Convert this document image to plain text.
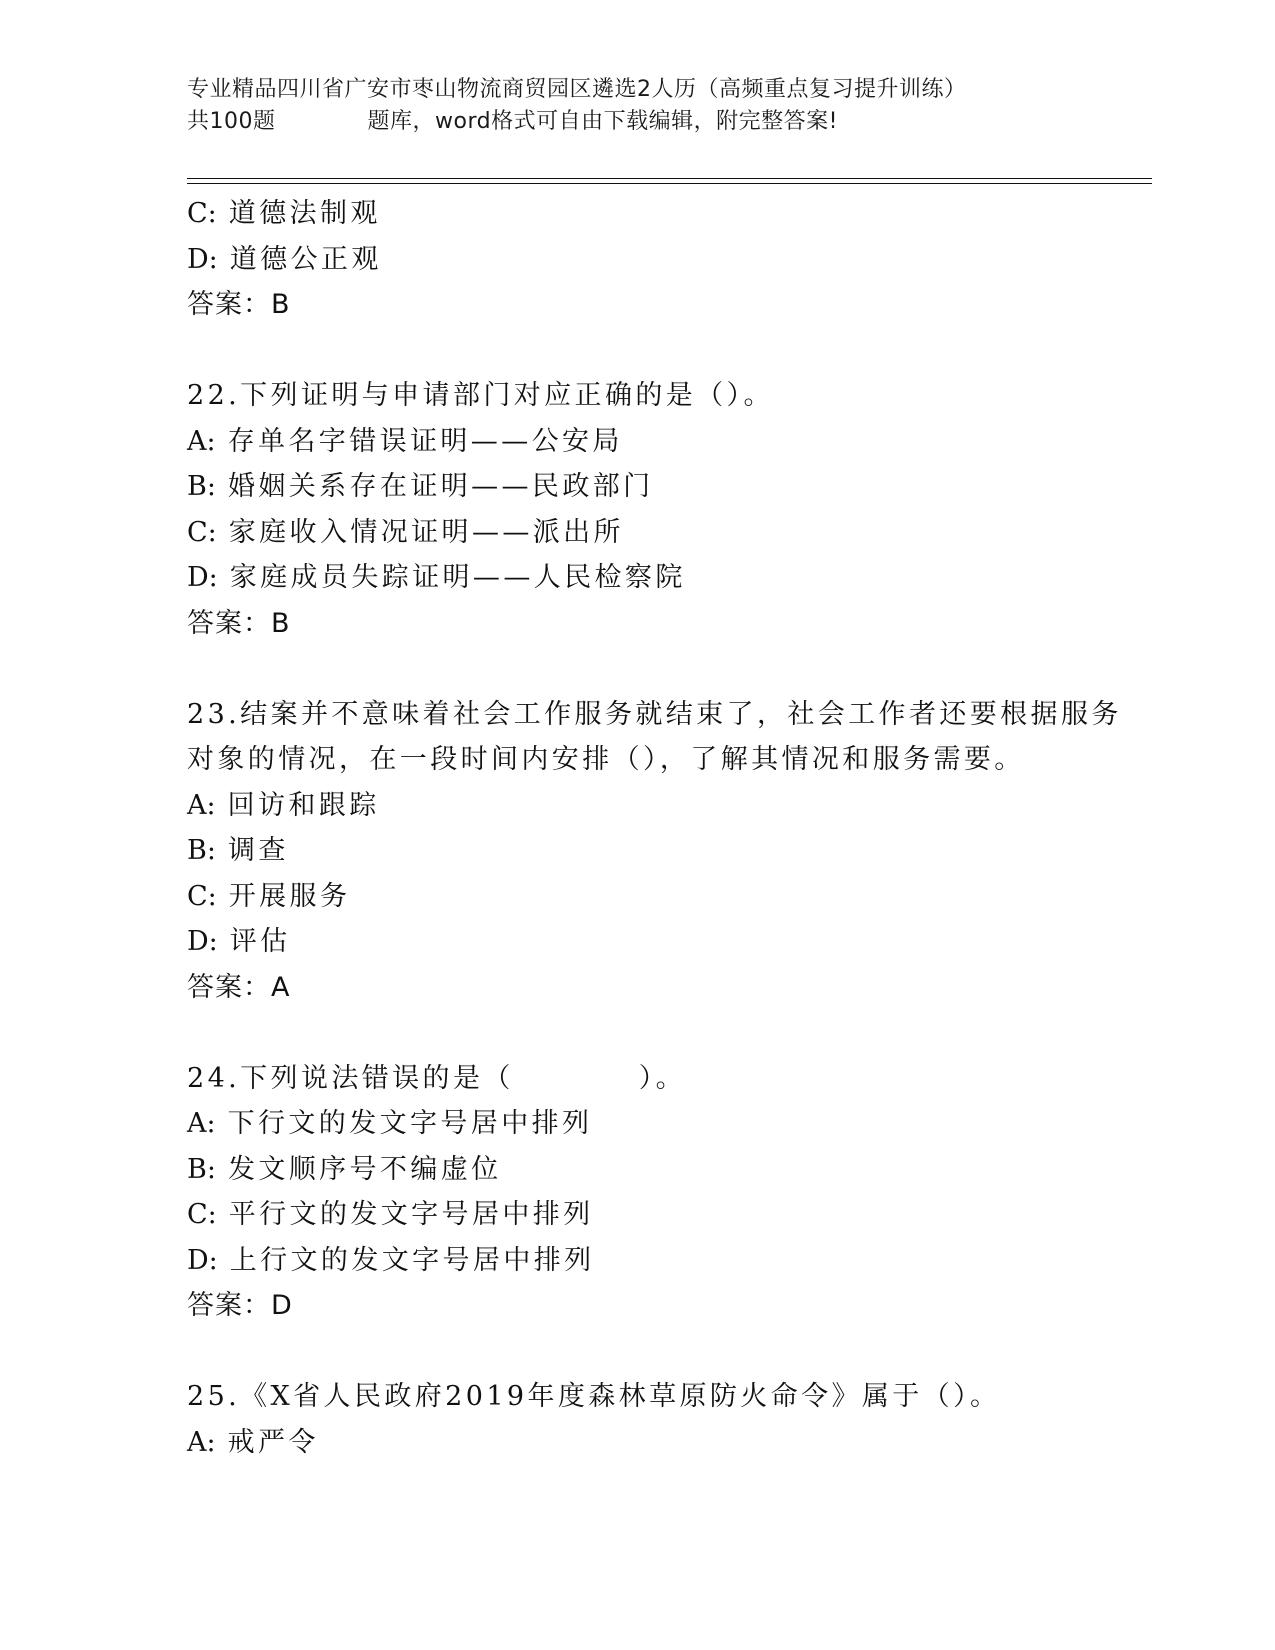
专业精品四川省广安市枣山物流商贸园区遴选2人历（高频重点复习提升训练）
共100题	题库，word格式可自由下载编辑，附完整答案!
C: 道德法制观
D: 道德公正观
答案：B
22.下列证明与申请部门对应正确的是（）。
A: 存单名字错误证明——公安局
B: 婚姻关系存在证明——民政部门
C: 家庭收入情况证明——派出所
D: 家庭成员失踪证明——人民检察院
答案：B
23.结案并不意味着社会工作服务就结束了，社会工作者还要根据服务
对象的情况，在一段时间内安排（），了解其情况和服务需要。
A: 回访和跟踪
B: 调查
C: 开展服务
D: 评估
答案：A
24.下列说法错误的是（	）。
A: 下行文的发文字号居中排列
B: 发文顺序号不编虚位
C: 平行文的发文字号居中排列
D: 上行文的发文字号居中排列
答案：D
25.《X省人民政府2019年度森林草原防火命令》属于（）。
A: 戒严令
